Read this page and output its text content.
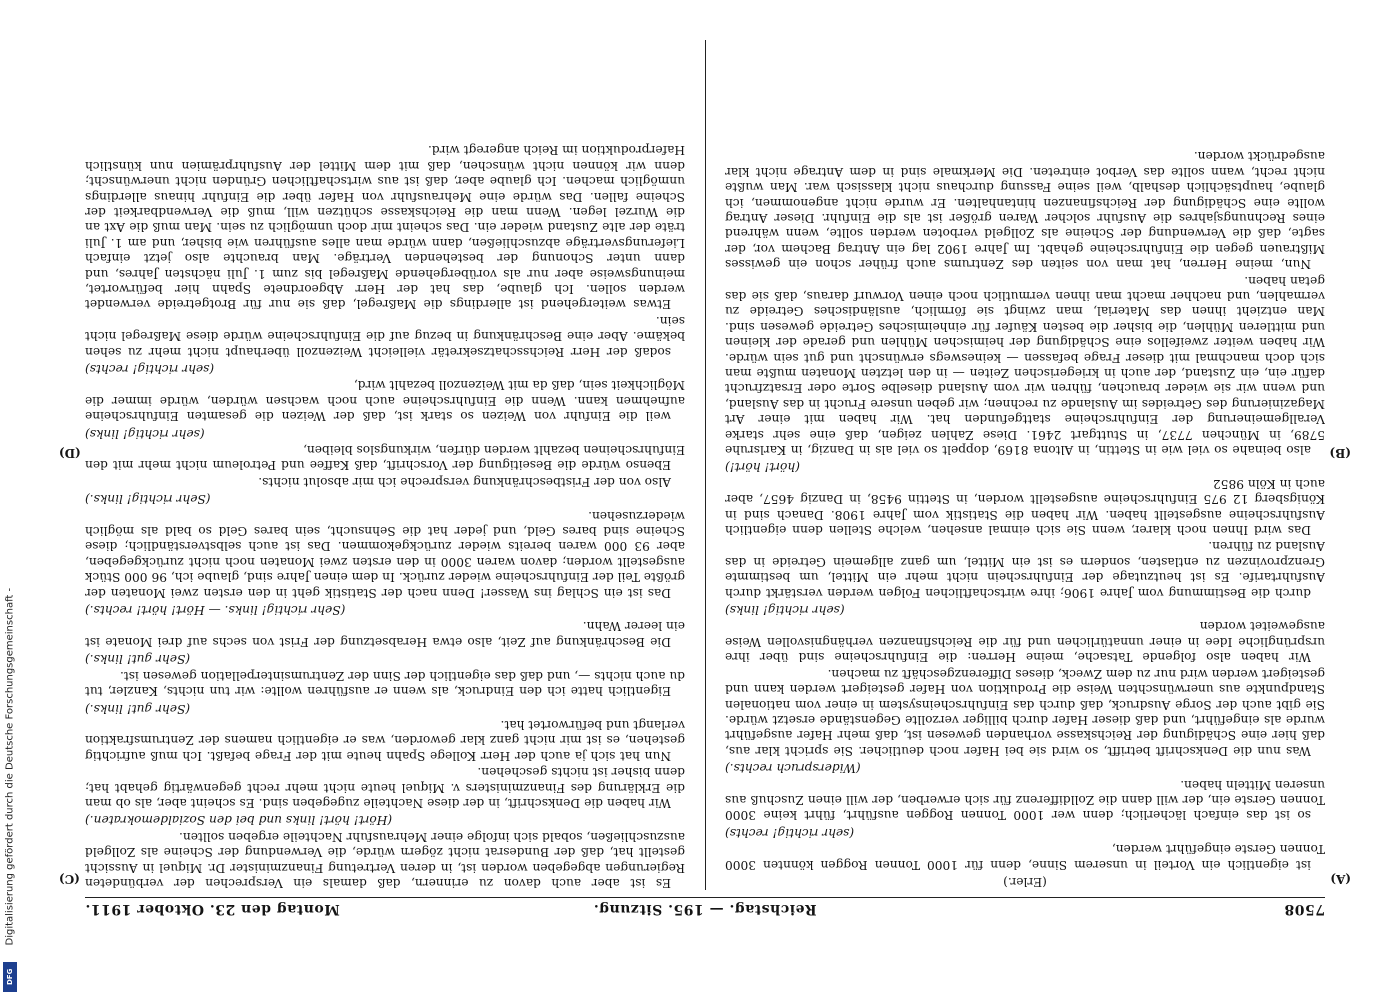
Digitalisierung gefördert durch die Deutsche Forschungsgemeinschaft -
DFG
7508
Reichstag. — 195. Sitzung.
Montag den 23. Oktober 1911.
(A)
(B)
(C)
(D)
(Erler.)

ist eigentlich ein Vorteil in unserem Sinne, denn für 1000 Tonnen Roggen könnten 3000 Tonnen Gerste eingeführt werden,

(sehr richtig! rechts)

so ist das einfach lächerlich; denn wer 1000 Tonnen Roggen ausführt, führt keine 3000 Tonnen Gerste ein, der will dann die Zolldifferenz für sich erwerben, der will einen Zuschuß aus unseren Mitteln haben.

(Widerspruch rechts.)

Was nun die Denkschrift betrifft, so wird sie bei Hafer noch deutlicher. Sie spricht klar aus, daß hier eine Schädigung der Reichskasse vorhanden gewesen ist, daß mehr Hafer ausgeführt wurde als eingeführt, und daß dieser Hafer durch billiger verzollte Gegenstände ersetzt würde. Sie gibt auch der Sorge Ausdruck, daß durch das Einfuhrscheinsystem in einer vom nationalen Standpunkte aus unerwünschten Weise die Produktion von Hafer gesteigert werden kann und gesteigert werden wird nur zu dem Zweck, dieses Differenzgeschäft zu machen.

Wir haben also folgende Tatsache, meine Herren: die Einfuhrscheine sind über ihre ursprüngliche Idee in einer unnatürlichen und für die Reichsfinanzen verhängnisvollen Weise ausgeweitet worden

(sehr richtig! links)

durch die Bestimmung vom Jahre 1906; ihre wirtschaftlichen Folgen werden verstärkt durch Ausfuhrtarife. Es ist heutzutage der Einfuhrschein nicht mehr ein Mittel, um bestimmte Grenzprovinzen zu entlasten, sondern es ist ein Mittel, um ganz allgemein Getreide in das Ausland zu führen.

Das wird Ihnen noch klarer, wenn Sie sich einmal ansehen, welche Stellen denn eigentlich Ausfuhrscheine ausgestellt haben. Wir haben die Statistik vom Jahre 1908. Danach sind in Königsberg 12 975 Einfuhrscheine ausgestellt worden, in Stettin 9458, in Danzig 4657, aber auch in Köln 9852

(hört! hört!)

also beinahe so viel wie in Stettin, in Altona 8169, doppelt so viel als in Danzig, in Karlsruhe 5789, in München 7737, in Stuttgart 2461. Diese Zahlen zeigen, daß eine sehr starke Verallgemeinerung der Einfuhrscheine stattgefunden hat. Wir haben mit einer Art Magazinierung des Getreides im Auslande zu rechnen; wir geben unsere Frucht in das Ausland, und wenn wir sie wieder brauchen, führen wir vom Ausland dieselbe Sorte oder Ersatzfrucht dafür ein, ein Zustand, der auch in kriegerischen Zeiten — in den letzten Monaten mußte man sich doch manchmal mit dieser Frage befassen — keineswegs erwünscht und gut sein würde. Wir haben weiter zweifellos eine Schädigung der heimischen Mühlen und gerade der kleinen und mittleren Mühlen, die bisher die besten Käufer für einheimisches Getreide gewesen sind. Man entzieht ihnen das Material, man zwingt sie förmlich, ausländisches Getreide zu vermahlen, und nachher macht man ihnen vermutlich noch einen Vorwurf daraus, daß sie das getan haben.

Nun, meine Herren, hat man von seiten des Zentrums auch früher schon ein gewisses Mißtrauen gegen die Einfuhrscheine gehabt. Im Jahre 1902 lag ein Antrag Bachem vor, der sagte, daß die Verwendung der Scheine als Zollgeld verboten werden sollte, wenn während eines Rechnungsjahres die Ausfuhr solcher Waren größer ist als die Einfuhr. Dieser Antrag wollte eine Schädigung der Reichsfinanzen hintanhalten. Er wurde nicht angenommen, ich glaube, hauptsächlich deshalb, weil seine Fassung durchaus nicht klassisch war. Man wußte nicht recht, wann sollte das Verbot eintreten. Die Merkmale sind in dem Antrage nicht klar ausgedrückt worden.

Es ist aber auch davon zu erinnern, daß damals ein Versprechen der verbündeten Regierungen abgegeben worden ist, in deren Vertretung Finanzminister Dr. Miquel in Aussicht gestellt hat, daß der Bundesrat nicht zögern würde, die Verwendung der Scheine als Zollgeld auszuschließen, sobald sich infolge einer Mehrausfuhr Nachteile ergeben sollten.

(Hört! hört! links und bei den Sozialdemokraten.)

Wir haben die Denkschrift, in der diese Nachteile zugegeben sind. Es scheint aber, als ob man die Erklärung des Finanzministers v. Miquel heute nicht mehr recht gegenwärtig gehabt hat; denn bisher ist nichts geschehen.

Nun hat sich ja auch der Herr Kollege Spahn heute mit der Frage befaßt. Ich muß aufrichtig gestehen, es ist mir nicht ganz klar geworden, was er eigentlich namens der Zentrumsfraktion verlangt und befürwortet hat.

(Sehr gut! links.)

Eigentlich hatte ich den Eindruck, als wenn er ausführen wollte: wir tun nichts, Kanzler, tut du auch nichts —, und daß das eigentlich der Sinn der Zentrumsinterpellation gewesen ist.

(Sehr gut! links.)

Die Beschränkung auf Zeit, also etwa Herabsetzung der Frist von sechs auf drei Monate ist ein leerer Wahn.

(Sehr richtig! links. — Hört! hört! rechts.)

Das ist ein Schlag ins Wasser! Denn nach der Statistik geht in den ersten zwei Monaten der größte Teil der Einfuhrscheine wieder zurück. In dem einen Jahre sind, glaube ich, 96 000 Stück ausgestellt worden; davon waren 3000 in den ersten zwei Monaten noch nicht zurückgegeben, aber 93 000 waren bereits wieder zurückgekommen. Das ist auch selbstverständlich; diese Scheine sind bares Geld, und jeder hat die Sehnsucht, sein bares Geld so bald als möglich wiederzusehen.

(Sehr richtig! links.)

Also von der Fristbeschränkung verspreche ich mir absolut nichts.

Ebenso würde die Beseitigung der Vorschrift, daß Kaffee und Petroleum nicht mehr mit den Einfuhrscheinen bezahlt werden dürfen, wirkungslos bleiben,

(sehr richtig! links)

weil die Einfuhr von Weizen so stark ist, daß der Weizen die gesamten Einfuhrscheine aufnehmen kann. Wenn die Einfuhrscheine auch noch wachsen würden, würde immer die Möglichkeit sein, daß da mit Weizenzoll bezahlt wird,

(sehr richtig! rechts)

sodaß der Herr Reichsschatzsekretär vielleicht Weizenzoll überhaupt nicht mehr zu sehen bekäme. Aber eine Beschränkung in bezug auf die Einfuhrscheine würde diese Maßregel nicht sein.

Etwas weitergehend ist allerdings die Maßregel, daß sie nur für Brotgetreide verwendet werden sollen. Ich glaube, das hat der Herr Abgeordnete Spahn hier befürwortet, meinungsweise aber nur als vorübergehende Maßregel bis zum 1. Juli nächsten Jahres, und dann unter Schonung der bestehenden Verträge. Man brauchte also jetzt einfach Lieferungsverträge abzuschließen, dann würde man alles ausführen wie bisher, und am 1. Juli träte der alte Zustand wieder ein. Das scheint mir doch unmöglich zu sein. Man muß die Axt an die Wurzel legen. Wenn man die Reichskasse schützen will, muß die Verwendbarkeit der Scheine fallen. Das würde eine Mehrausfuhr von Hafer über die Einfuhr hinaus allerdings unmöglich machen. Ich glaube aber, daß ist aus wirtschaftlichen Gründen nicht unerwünscht; denn wir können nicht wünschen, daß mit dem Mittel der Ausfuhrprämien nun künstlich Haferproduktion im Reich angeregt wird.
